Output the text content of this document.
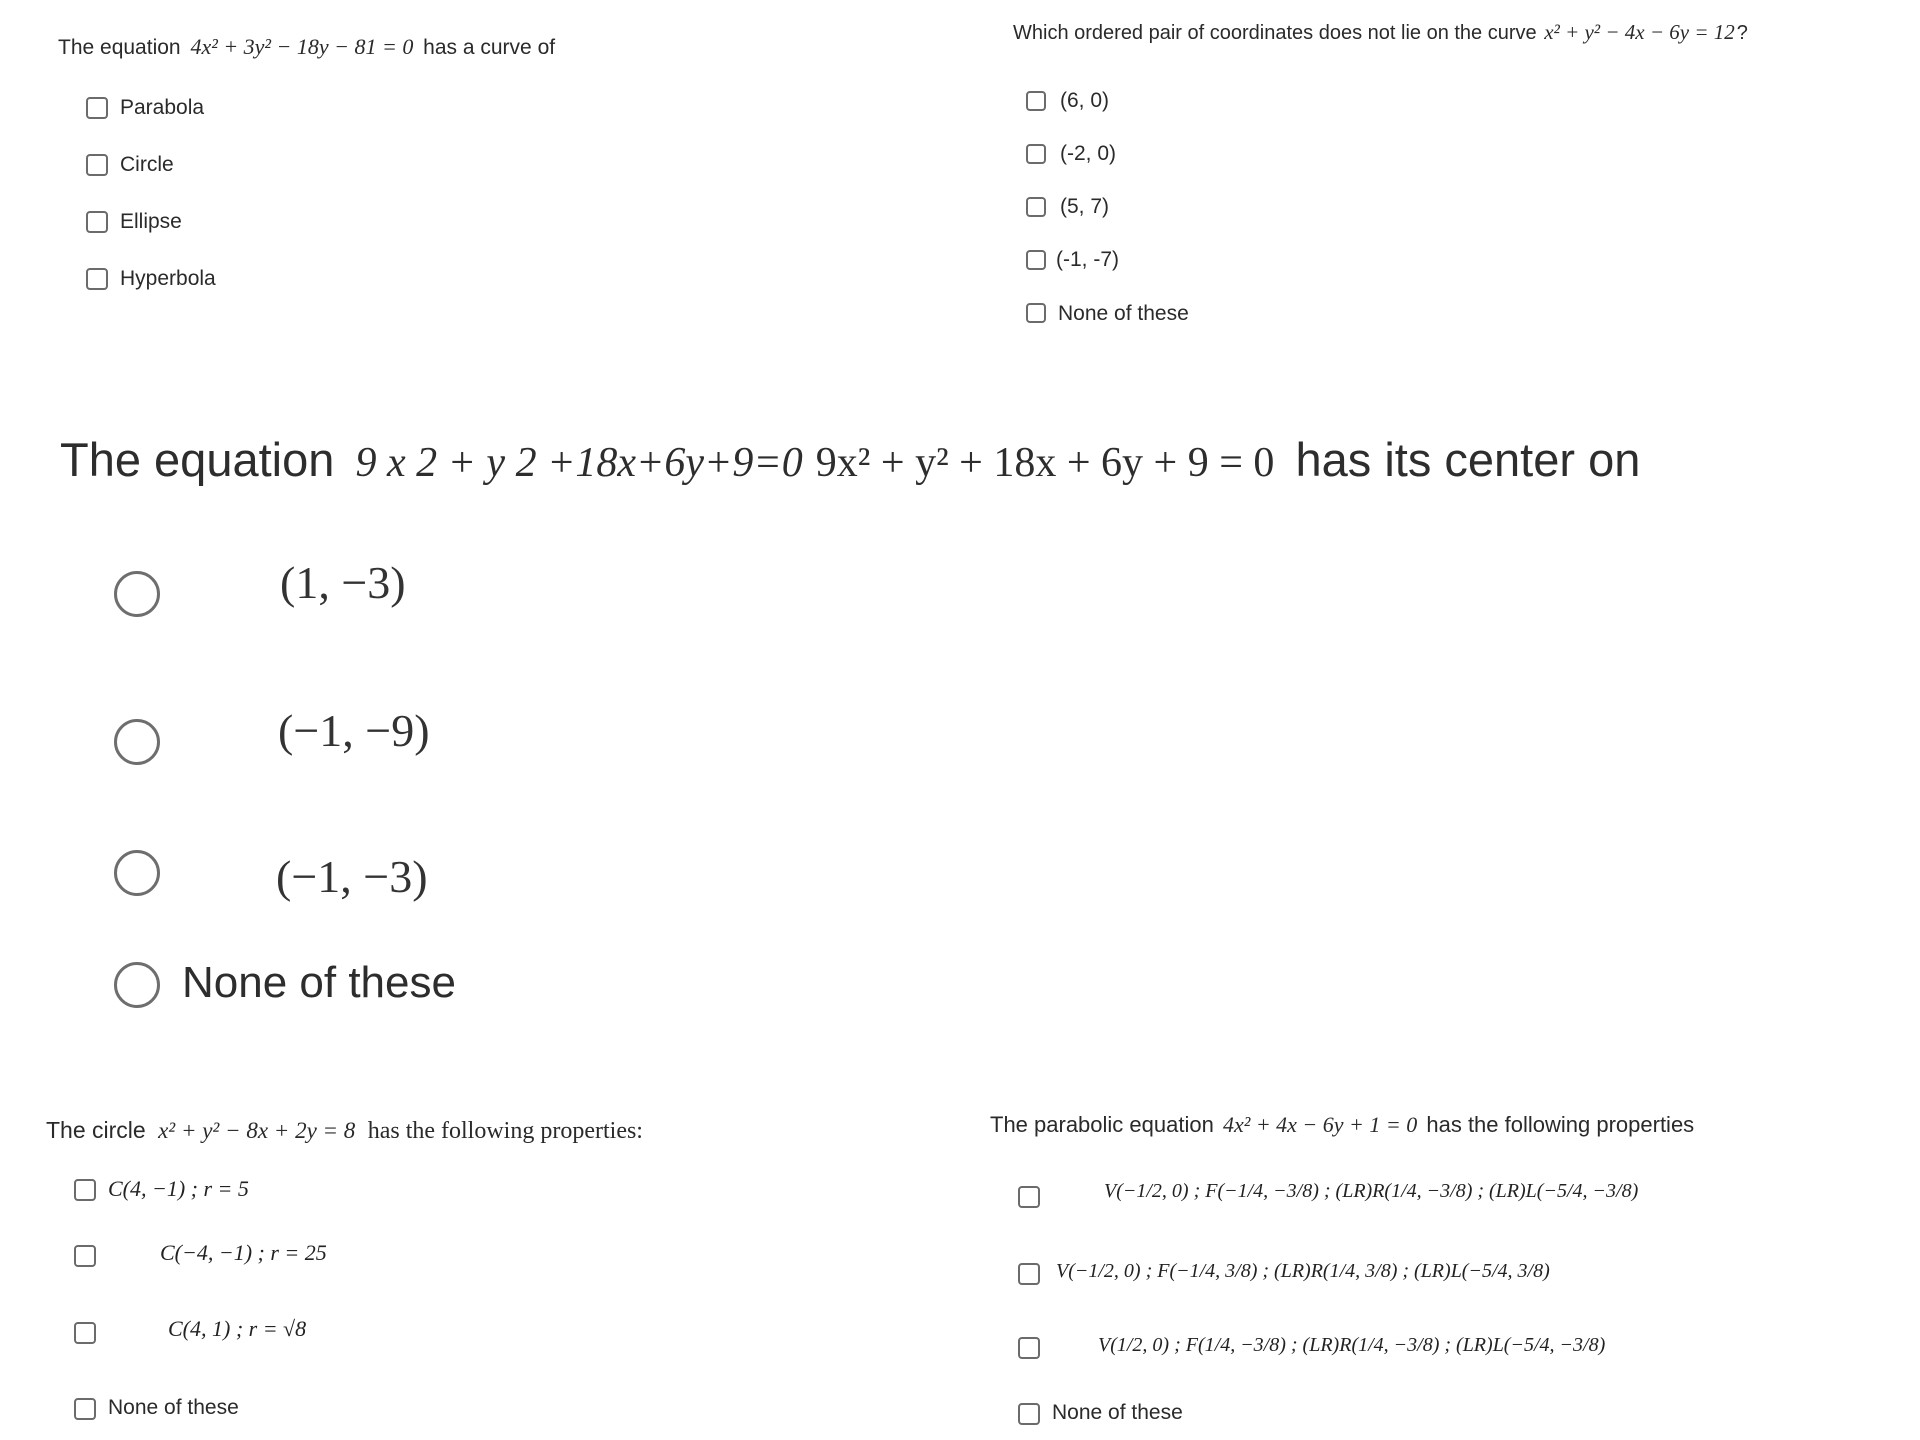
The equation 4x² + 3y² − 18y − 81 = 0 has a curve of
Parabola
Circle
Ellipse
Hyperbola
Which ordered pair of coordinates does not lie on the curve x² + y² − 4x − 6y = 12 ?
(6, 0)
(-2, 0)
(5, 7)
(-1, -7)
None of these
The equation 9 x 2 + y 2 +18x+6y+9=0 9x² + y² + 18x + 6y + 9 = 0 has its center on
(1, −3)
(−1, −9)
(−1, −3)
None of these
The circle x² + y² − 8x + 2y = 8 has the following properties:
C(4, −1) ; r = 5
C(−4, −1) ; r = 25
C(4, 1) ; r = √8
None of these
The parabolic equation 4x² + 4x − 6y + 1 = 0 has the following properties
V(−1/2, 0) ; F(−1/4, −3/8) ; (LR)R(1/4, −3/8) ; (LR)L(−5/4, −3/8)
V(−1/2, 0) ; F(−1/4, 3/8) ; (LR)R(1/4, 3/8) ; (LR)L(−5/4, 3/8)
V(1/2, 0) ; F(1/4, −3/8) ; (LR)R(1/4, −3/8) ; (LR)L(−5/4, −3/8)
None of these
